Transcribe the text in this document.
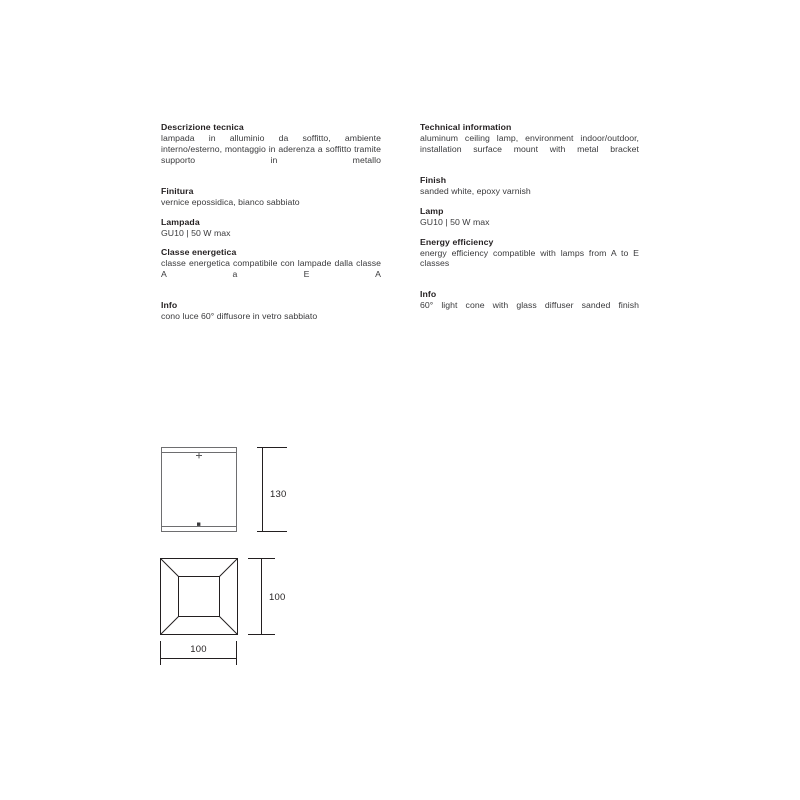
Descrizione tecnica
lampada in alluminio da soffitto, ambiente interno/esterno, montaggio in aderenza a soffitto tramite supporto in metallo
Finitura
vernice epossidica, bianco sabbiato
Lampada
GU10 | 50 W max
Classe energetica
classe energetica compatibile con lampade dalla classe A a E A
Info
cono luce 60° diffusore in vetro sabbiato
Technical information
aluminum ceiling lamp, environment indoor/outdoor, installation surface mount with metal bracket
Finish
sanded white, epoxy varnish
Lamp
GU10 | 50 W max
Energy efficiency
energy efficiency compatible with lamps from A to E classes
Info
60° light cone with glass diffuser sanded finish
130
100
100
